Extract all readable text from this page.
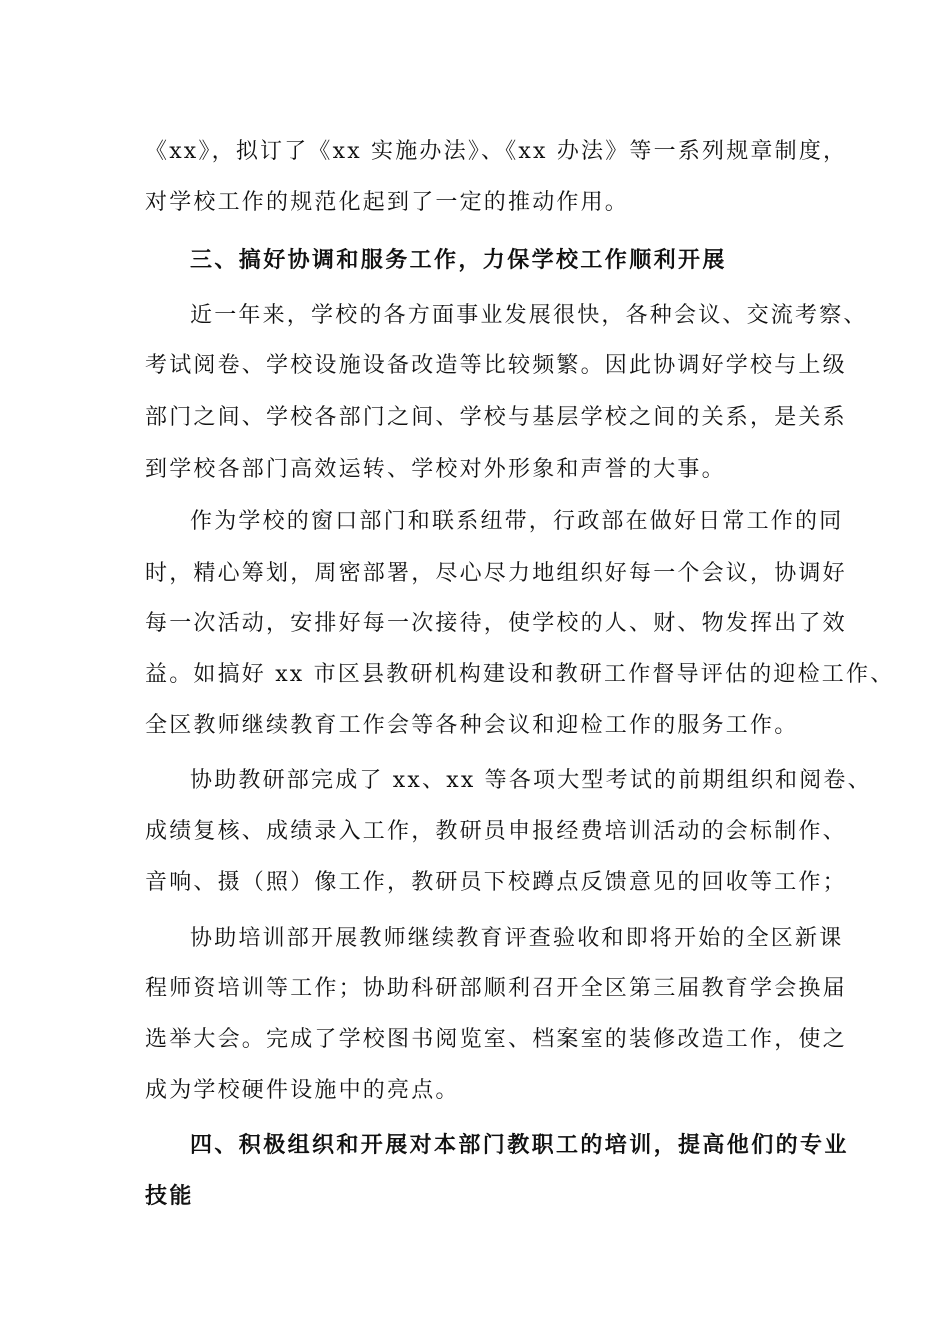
《xx》，拟订了《xx 实施办法》、《xx 办法》等一系列规章制度，
对学校工作的规范化起到了一定的推动作用。
三、搞好协调和服务工作，力保学校工作顺利开展
近一年来，学校的各方面事业发展很快，各种会议、交流考察、
考试阅卷、学校设施设备改造等比较频繁。因此协调好学校与上级
部门之间、学校各部门之间、学校与基层学校之间的关系，是关系
到学校各部门高效运转、学校对外形象和声誉的大事。
作为学校的窗口部门和联系纽带，行政部在做好日常工作的同
时，精心筹划，周密部署，尽心尽力地组织好每一个会议，协调好
每一次活动，安排好每一次接待，使学校的人、财、物发挥出了效
益。如搞好 xx 市区县教研机构建设和教研工作督导评估的迎检工作、
全区教师继续教育工作会等各种会议和迎检工作的服务工作。
协助教研部完成了 xx、xx 等各项大型考试的前期组织和阅卷、
成绩复核、成绩录入工作，教研员申报经费培训活动的会标制作、
音响、摄（照）像工作，教研员下校蹲点反馈意见的回收等工作；
协助培训部开展教师继续教育评查验收和即将开始的全区新课
程师资培训等工作；协助科研部顺利召开全区第三届教育学会换届
选举大会。完成了学校图书阅览室、档案室的装修改造工作，使之
成为学校硬件设施中的亮点。
四、积极组织和开展对本部门教职工的培训，提高他们的专业
技能
